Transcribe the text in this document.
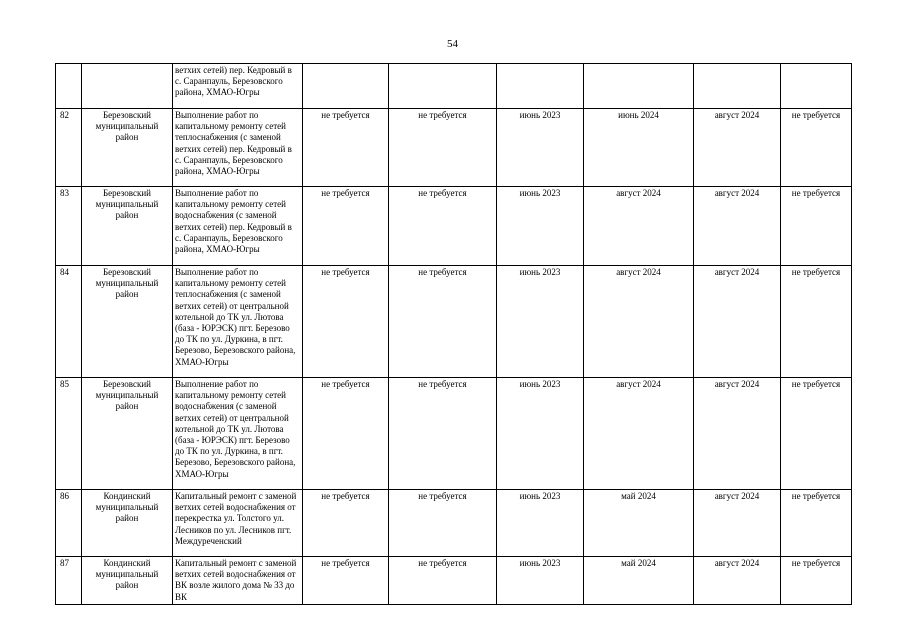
54
		ветхих сетей) пер. Кедровый в с. Саранпауль, Березовского района, ХМАО-Югры						
82	Березовский муниципальный район	Выполнение работ по капитальному ремонту сетей теплоснабжения (с заменой ветхих сетей) пер. Кедровый в с. Саранпауль, Березовского района, ХМАО-Югры	не требуется	не требуется	июнь 2023	июнь 2024	август 2024	не требуется
83	Березовский муниципальный район	Выполнение работ по капитальному ремонту сетей водоснабжения (с заменой ветхих сетей) пер. Кедровый в с. Саранпауль, Березовского района, ХМАО-Югры	не требуется	не требуется	июнь 2023	август 2024	август 2024	не требуется
84	Березовский муниципальный район	Выполнение работ по капитальному ремонту сетей теплоснабжения (с заменой ветхих сетей) от центральной котельной до ТК ул. Лютова (база - ЮРЭСК) пгт. Березово до ТК по ул. Дуркина, в пгт. Березово, Березовского района, ХМАО-Югры	не требуется	не требуется	июнь 2023	август 2024	август 2024	не требуется
85	Березовский муниципальный район	Выполнение работ по капитальному ремонту сетей водоснабжения (с заменой ветхих сетей) от центральной котельной до ТК ул. Лютова (база - ЮРЭСК) пгт. Березово до ТК по ул. Дуркина, в пгт. Березово, Березовского района, ХМАО-Югры	не требуется	не требуется	июнь 2023	август 2024	август 2024	не требуется
86	Кондинский муниципальный район	Капитальный ремонт с заменой ветхих сетей водоснабжения от перекрестка ул. Толстого ул. Лесников по ул. Лесников пгт. Междуреченский	не требуется	не требуется	июнь 2023	май 2024	август 2024	не требуется
87	Кондинский муниципальный район	Капитальный ремонт с заменой ветхих сетей водоснабжения от ВК возле жилого дома № 33 до ВК	не требуется	не требуется	июнь 2023	май 2024	август 2024	не требуется
